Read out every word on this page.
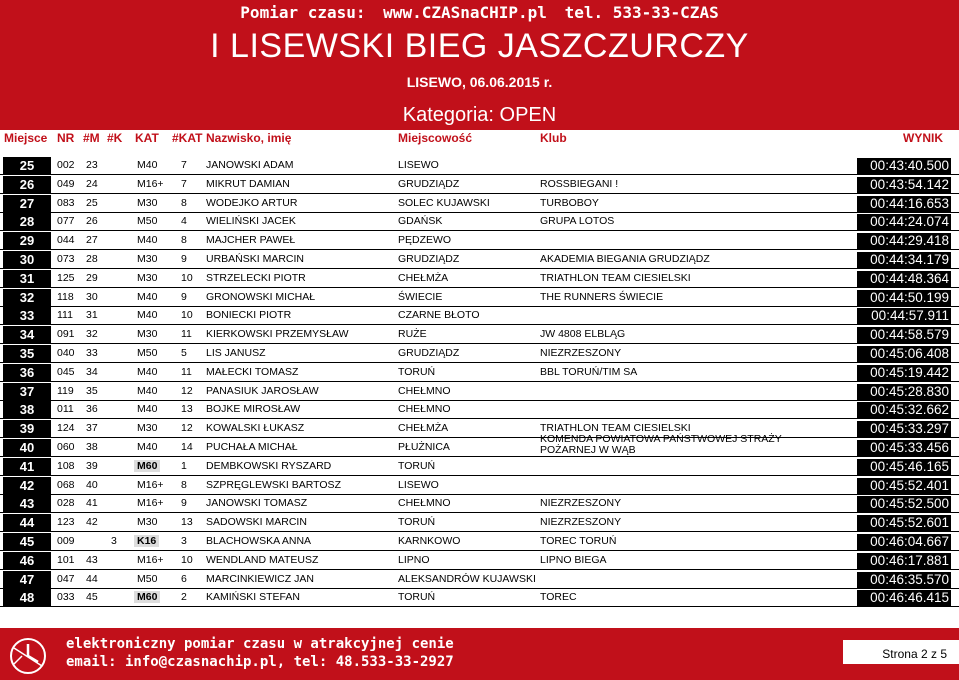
Pomiar czasu: www.CZASnaCHIP.pl tel. 533-33-CZAS
I LISEWSKI BIEG JASZCZURCZY
LISEWO, 06.06.2015 r.
Kategoria: OPEN
Miejsce NR #M #K KAT #KAT Nazwisko, imię	Miejscowość	Klub	WYNIK
25	002 23	M40 7 JANOWSKI ADAM	LISEWO	00:43:40.500
26	049 24	M16+ 7 MIKRUT DAMIAN	GRUDZIĄDZ	ROSSBIEGANI !	00:43:54.142
27	083 25	M30 8 WODEJKO ARTUR	SOLEC KUJAWSKI	TURBOBOY	00:44:16.653
28	077 26	M50 4 WIELIŃSKI JACEK	GDAŃSK	GRUPA LOTOS	00:44:24.074
29	044 27	M40 8 MAJCHER PAWEŁ	PĘDZEWO	00:44:29.418
30	073 28	M30 9 URBAŃSKI MARCIN	GRUDZIĄDZ	AKADEMIA BIEGANIA GRUDZIĄDZ	00:44:34.179
31	125 29	M30 10 STRZELECKI PIOTR	CHEŁMŻA	TRIATHLON TEAM CIESIELSKI	00:44:48.364
32	118 30	M40 9 GRONOWSKI MICHAŁ	ŚWIECIE	THE RUNNERS ŚWIECIE	00:44:50.199
33	111 31	M40 10 BONIECKI PIOTR	CZARNE BŁOTO	00:44:57.911
34	091 32	M30 11 KIERKOWSKI PRZEMYSŁAW	RUŻE	JW 4808 ELBLĄG	00:44:58.579
35	040 33	M50 5 LIS JANUSZ	GRUDZIĄDZ	NIEZRZESZONY	00:45:06.408
36	045 34	M40 11 MAŁECKI TOMASZ	TORUŃ	BBL TORUŃ/TIM SA	00:45:19.442
37	119 35	M40 12 PANASIUK JAROSŁAW	CHEŁMNO	00:45:28.830
38	011 36	M40 13 BOJKE MIROSŁAW	CHEŁMNO	00:45:32.662
39	124 37	M30 12 KOWALSKI ŁUKASZ	CHEŁMŻA	TRIATHLON TEAM CIESIELSKI	00:45:33.297
40	060 38	M40 14 PUCHAŁA MICHAŁ	PŁUŻNICA
KOMENDA POWIATOWA PAŃSTWOWEJ STRAŻY
POŻARNEJ W WĄB	00:45:33.456
41	108 39	M60 1 DEMBKOWSKI RYSZARD	TORUŃ	00:45:46.165
42	068 40	M16+ 8 SZPRĘGLEWSKI BARTOSZ	LISEWO	00:45:52.401
43	028 41	M16+ 9 JANOWSKI TOMASZ	CHEŁMNO	NIEZRZESZONY	00:45:52.500
44	123 42	M30 13 SADOWSKI MARCIN	TORUŃ	NIEZRZESZONY	00:45:52.601
45	009	3 K16 3 BLACHOWSKA ANNA	KARNKOWO	TOREC TORUŃ	00:46:04.667
46	101 43	M16+ 10 WENDLAND MATEUSZ	LIPNO	LIPNO BIEGA	00:46:17.881
47	047 44	M50 6 MARCINKIEWICZ JAN	ALEKSANDRÓW KUJAWSKI	00:46:35.570
48	033 45	M60 2 KAMIŃSKI STEFAN	TORUŃ	TOREC	00:46:46.415
elektroniczny pomiar czasu w atrakcyjnej cenie
email: info@czasnachip.pl, tel: 48.533-33-2927	Strona 2 z 5
